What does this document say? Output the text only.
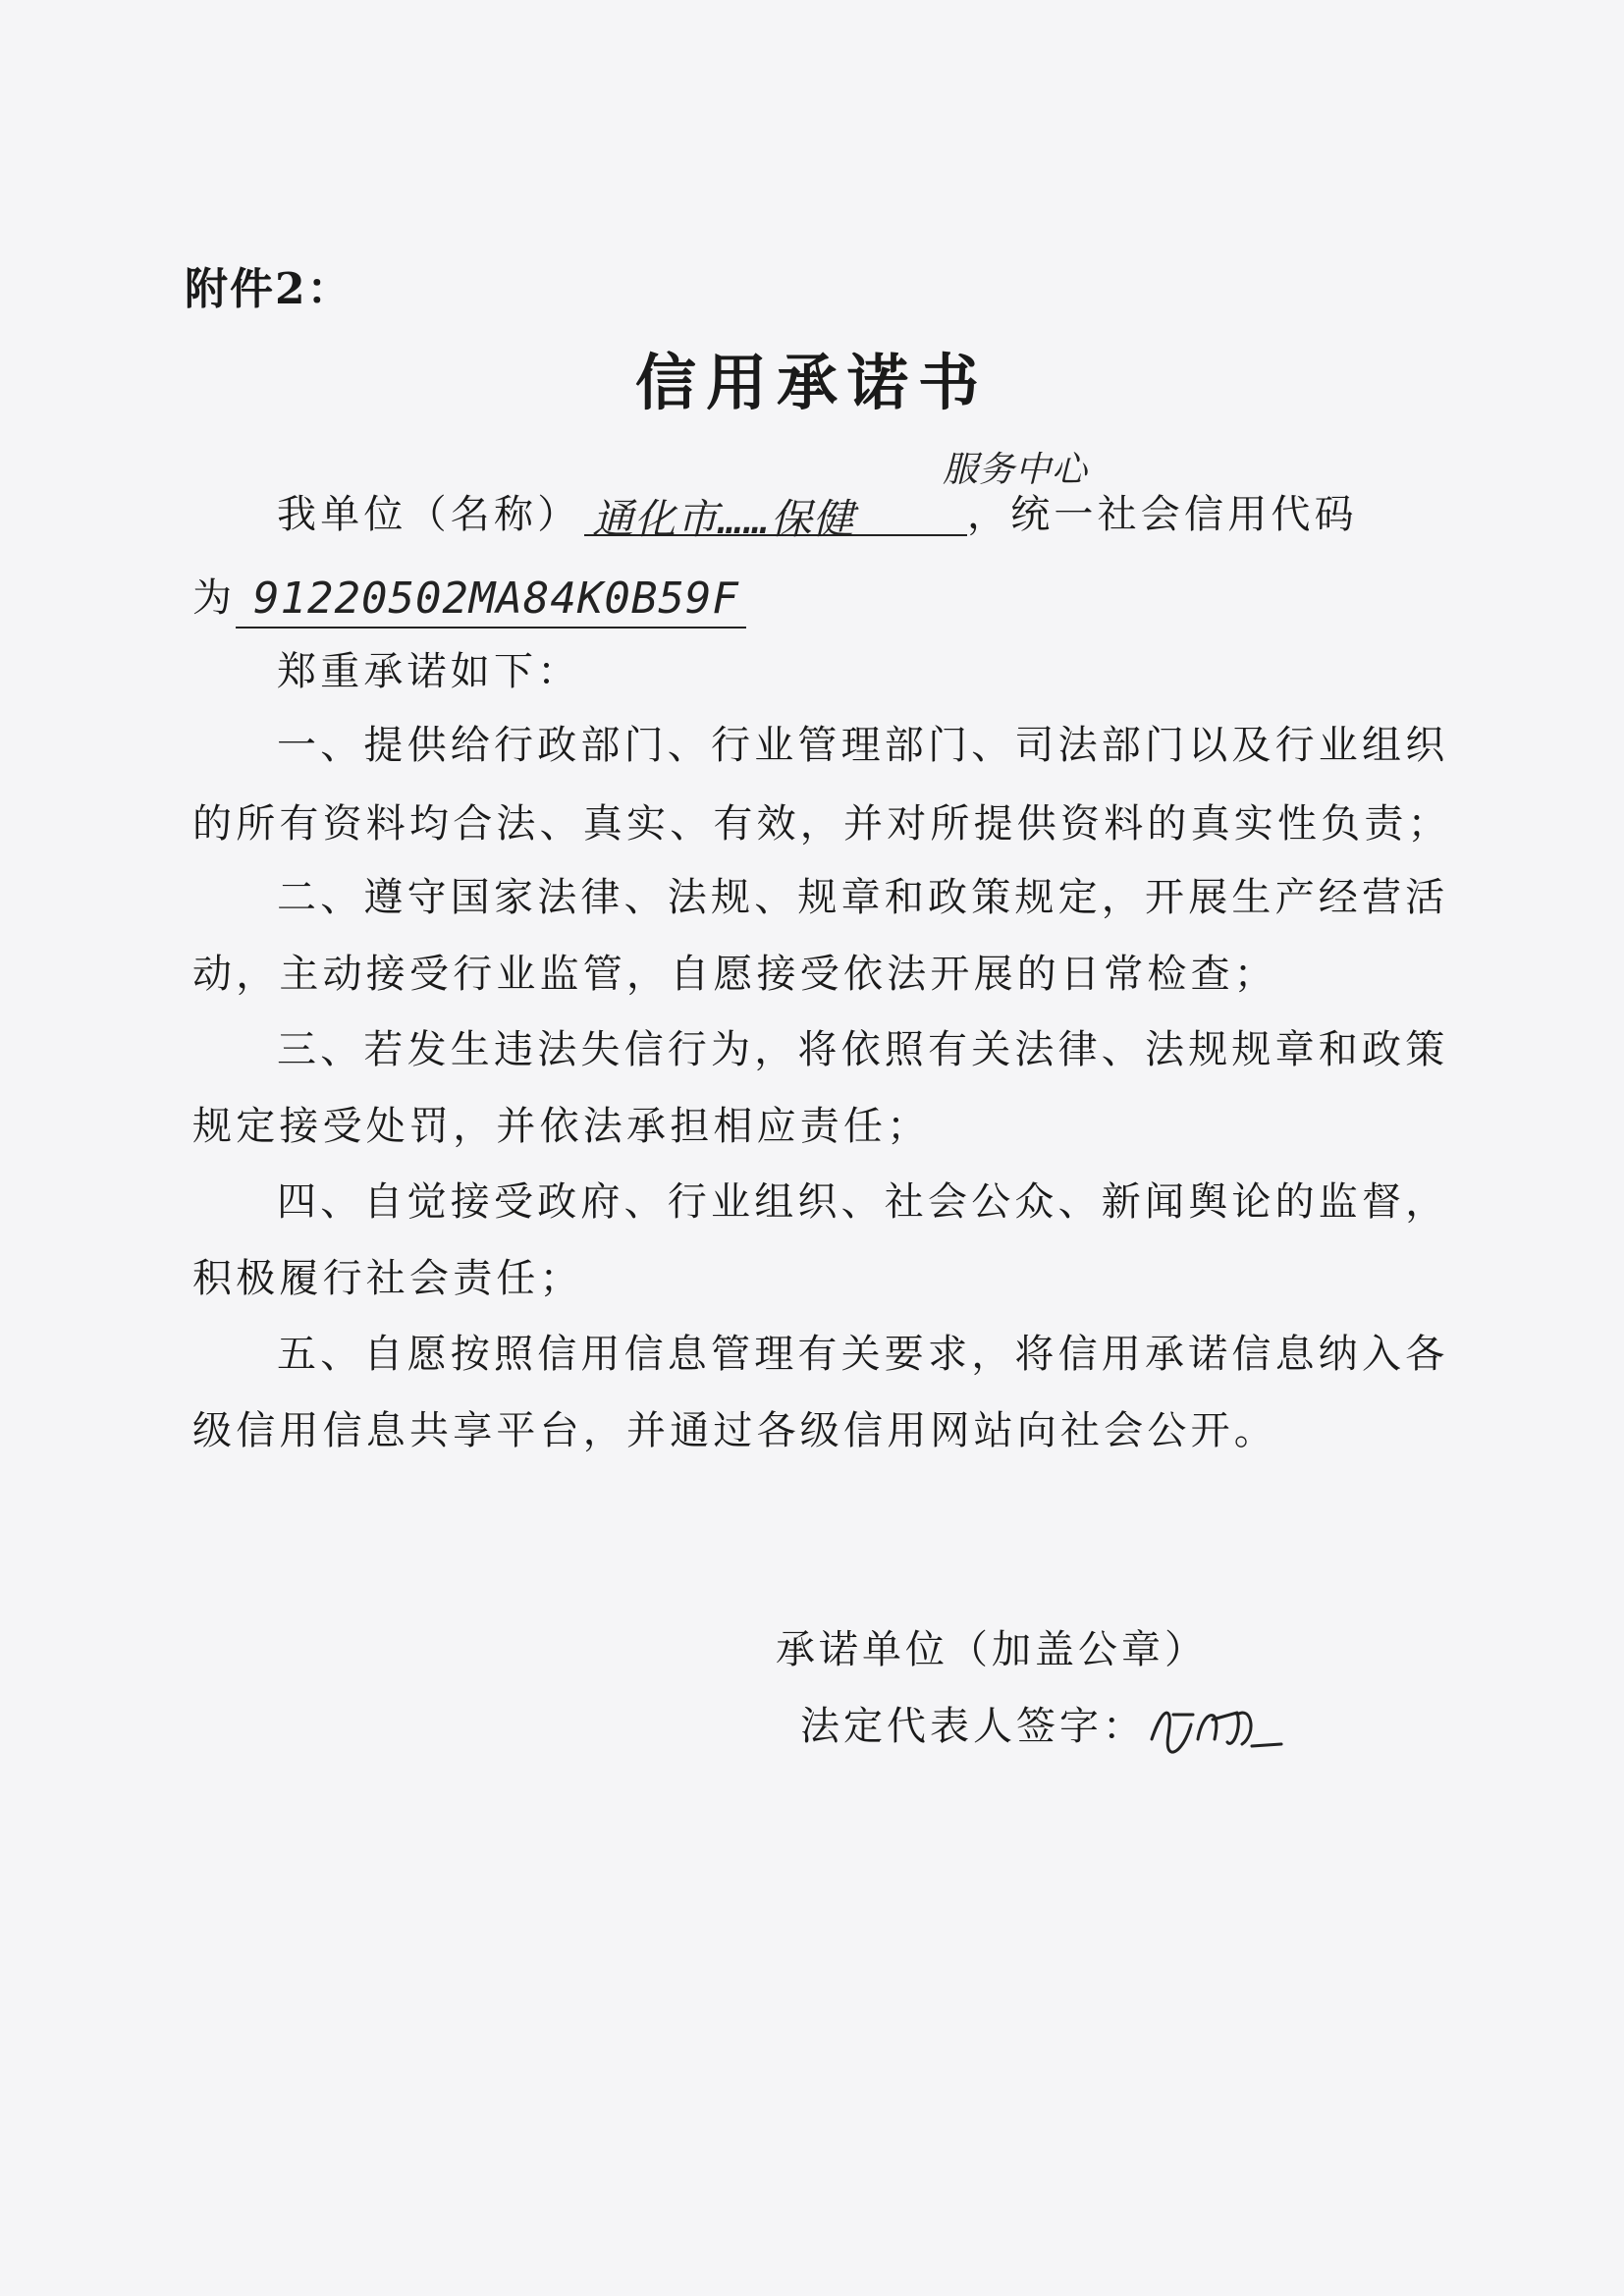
附件2：
信用承诺书
我单位（名称） 通化市……保健
服务中心
，统一社会信用代码
为 91220502MA84K0B59F
郑重承诺如下：
一、提供给行政部门、行业管理部门、司法部门以及行业组织
的所有资料均合法、真实、有效，并对所提供资料的真实性负责；
二、遵守国家法律、法规、规章和政策规定，开展生产经营活
动，主动接受行业监管，自愿接受依法开展的日常检查；
三、若发生违法失信行为，将依照有关法律、法规规章和政策
规定接受处罚，并依法承担相应责任；
四、自觉接受政府、行业组织、社会公众、新闻舆论的监督，
积极履行社会责任；
五、自愿按照信用信息管理有关要求，将信用承诺信息纳入各
级信用信息共享平台，并通过各级信用网站向社会公开。
承诺单位（加盖公章）
法定代表人签字：
